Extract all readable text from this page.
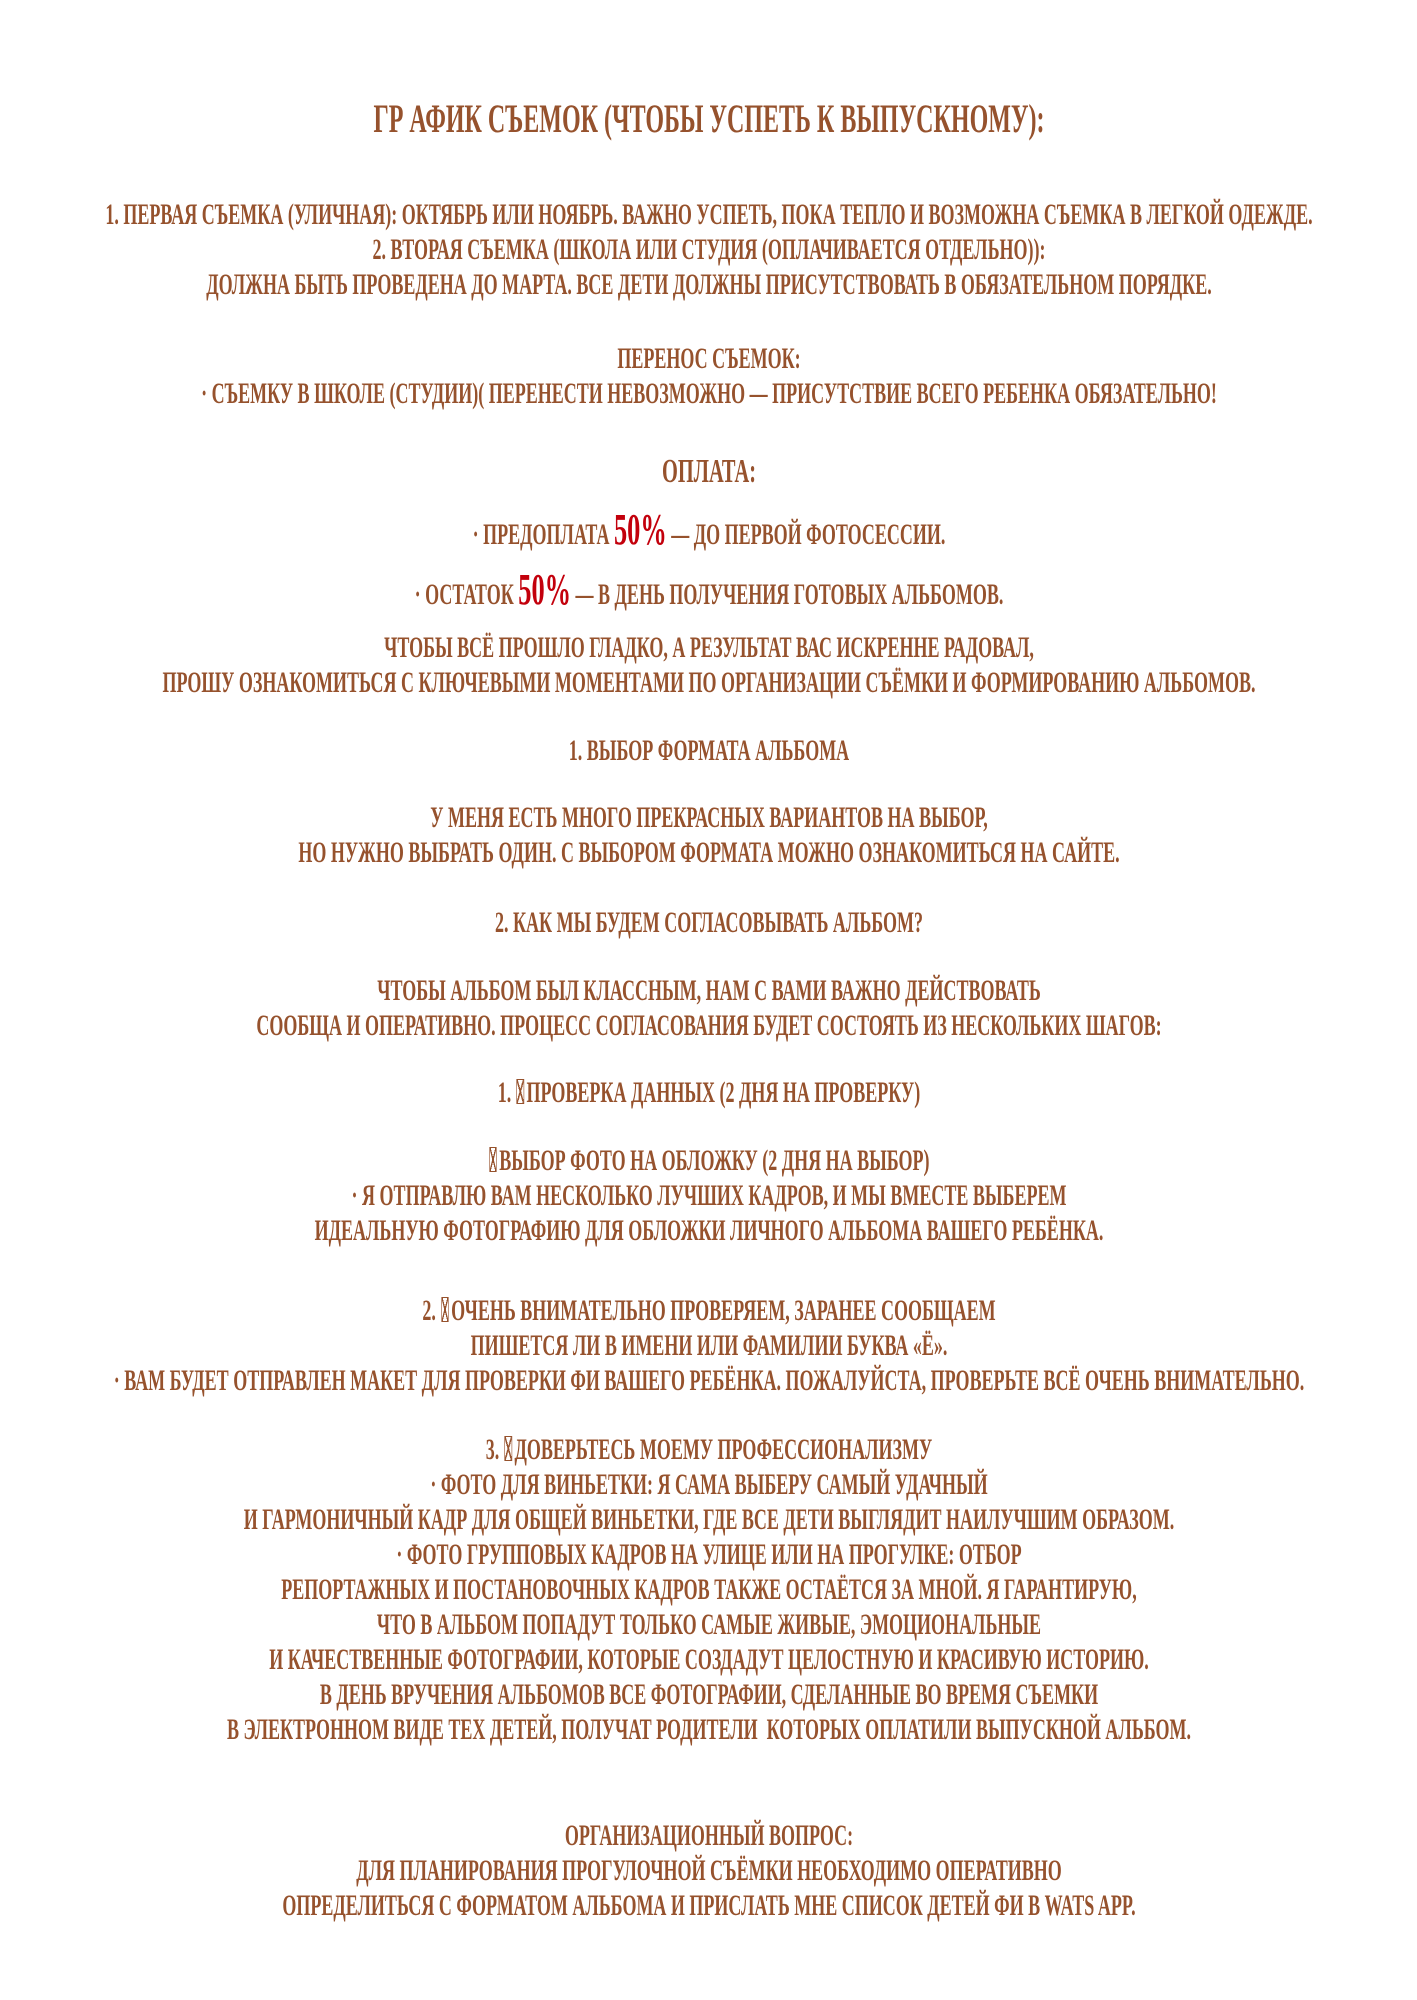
ГР АФИК СЪЕМОК (ЧТОБЫ УСПЕТЬ К ВЫПУСКНОМУ):
1. ПЕРВАЯ СЪЕМКА (УЛИЧНАЯ): ОКТЯБРЬ ИЛИ НОЯБРЬ. ВАЖНО УСПЕТЬ, ПОКА ТЕПЛО И ВОЗМОЖНА СЪЕМКА В ЛЕГКОЙ ОДЕЖДЕ.
2. ВТОРАЯ СЪЕМКА (ШКОЛА ИЛИ СТУДИЯ (ОПЛАЧИВАЕТСЯ ОТДЕЛЬНО)):
ДОЛЖНА БЫТЬ ПРОВЕДЕНА ДО МАРТА. ВСЕ ДЕТИ ДОЛЖНЫ ПРИСУТСТВОВАТЬ В ОБЯЗАТЕЛЬНОМ ПОРЯДКЕ.
ПЕРЕНОС СЪЕМОК:
· СЪЕМКУ В ШКОЛЕ (СТУДИИ)( ПЕРЕНЕСТИ НЕВОЗМОЖНО — ПРИСУТСТВИЕ ВСЕГО РЕБЕНКА ОБЯЗАТЕЛЬНО!
ОПЛАТА:
· ПРЕДОПЛАТА 50% — ДО ПЕРВОЙ ФОТОСЕССИИ.
· ОСТАТОК 50% — В ДЕНЬ ПОЛУЧЕНИЯ ГОТОВЫХ АЛЬБОМОВ.
ЧТОБЫ ВСЁ ПРОШЛО ГЛАДКО, А РЕЗУЛЬТАТ ВАС ИСКРЕННЕ РАДОВАЛ,
ПРОШУ ОЗНАКОМИТЬСЯ С КЛЮЧЕВЫМИ МОМЕНТАМИ ПО ОРГАНИЗАЦИИ СЪЁМКИ И ФОРМИРОВАНИЮ АЛЬБОМОВ.
1. ВЫБОР ФОРМАТА АЛЬБОМА
У МЕНЯ ЕСТЬ МНОГО ПРЕКРАСНЫХ ВАРИАНТОВ НА ВЫБОР,
НО НУЖНО ВЫБРАТЬ ОДИН. С ВЫБОРОМ ФОРМАТА МОЖНО ОЗНАКОМИТЬСЯ НА САЙТЕ.
2. КАК МЫ БУДЕМ СОГЛАСОВЫВАТЬ АЛЬБОМ?
ЧТОБЫ АЛЬБОМ БЫЛ КЛАССНЫМ, НАМ С ВАМИ ВАЖНО ДЕЙСТВОВАТЬ
СООБЩА И ОПЕРАТИВНО. ПРОЦЕСС СОГЛАСОВАНИЯ БУДЕТ СОСТОЯТЬ ИЗ НЕСКОЛЬКИХ ШАГОВ:
1. ПРОВЕРКА ДАННЫХ (2 ДНЯ НА ПРОВЕРКУ)
ВЫБОР ФОТО НА ОБЛОЖКУ (2 ДНЯ НА ВЫБОР)
· Я ОТПРАВЛЮ ВАМ НЕСКОЛЬКО ЛУЧШИХ КАДРОВ, И МЫ ВМЕСТЕ ВЫБЕРЕМ
ИДЕАЛЬНУЮ ФОТОГРАФИЮ ДЛЯ ОБЛОЖКИ ЛИЧНОГО АЛЬБОМА ВАШЕГО РЕБЁНКА.
2. ОЧЕНЬ ВНИМАТЕЛЬНО ПРОВЕРЯЕМ, ЗАРАНЕЕ СООБЩАЕМ
ПИШЕТСЯ ЛИ В ИМЕНИ ИЛИ ФАМИЛИИ БУКВА «Ё».
· ВАМ БУДЕТ ОТПРАВЛЕН МАКЕТ ДЛЯ ПРОВЕРКИ ФИ ВАШЕГО РЕБЁНКА. ПОЖАЛУЙСТА, ПРОВЕРЬТЕ ВСЁ ОЧЕНЬ ВНИМАТЕЛЬНО.
3. ДОВЕРЬТЕСЬ МОЕМУ ПРОФЕССИОНАЛИЗМУ
· ФОТО ДЛЯ ВИНЬЕТКИ: Я САМА ВЫБЕРУ САМЫЙ УДАЧНЫЙ
И ГАРМОНИЧНЫЙ КАДР ДЛЯ ОБЩЕЙ ВИНЬЕТКИ, ГДЕ ВСЕ ДЕТИ ВЫГЛЯДИТ НАИЛУЧШИМ ОБРАЗОМ.
· ФОТО ГРУППОВЫХ КАДРОВ НА УЛИЦЕ ИЛИ НА ПРОГУЛКЕ: ОТБОР
РЕПОРТАЖНЫХ И ПОСТАНОВОЧНЫХ КАДРОВ ТАКЖЕ ОСТАЁТСЯ ЗА МНОЙ. Я ГАРАНТИРУЮ,
ЧТО В АЛЬБОМ ПОПАДУТ ТОЛЬКО САМЫЕ ЖИВЫЕ, ЭМОЦИОНАЛЬНЫЕ
И КАЧЕСТВЕННЫЕ ФОТОГРАФИИ, КОТОРЫЕ СОЗДАДУТ ЦЕЛОСТНУЮ И КРАСИВУЮ ИСТОРИЮ.
В ДЕНЬ ВРУЧЕНИЯ АЛЬБОМОВ ВСЕ ФОТОГРАФИИ, СДЕЛАННЫЕ ВО ВРЕМЯ СЪЕМКИ
В ЭЛЕКТРОННОМ ВИДЕ ТЕХ ДЕТЕЙ, ПОЛУЧАТ РОДИТЕЛИ  КОТОРЫХ ОПЛАТИЛИ ВЫПУСКНОЙ АЛЬБОМ.
ОРГАНИЗАЦИОННЫЙ ВОПРОС:
ДЛЯ ПЛАНИРОВАНИЯ ПРОГУЛОЧНОЙ СЪЁМКИ НЕОБХОДИМО ОПЕРАТИВНО
ОПРЕДЕЛИТЬСЯ С ФОРМАТОМ АЛЬБОМА И ПРИСЛАТЬ МНЕ СПИСОК ДЕТЕЙ ФИ В WATS APP.
